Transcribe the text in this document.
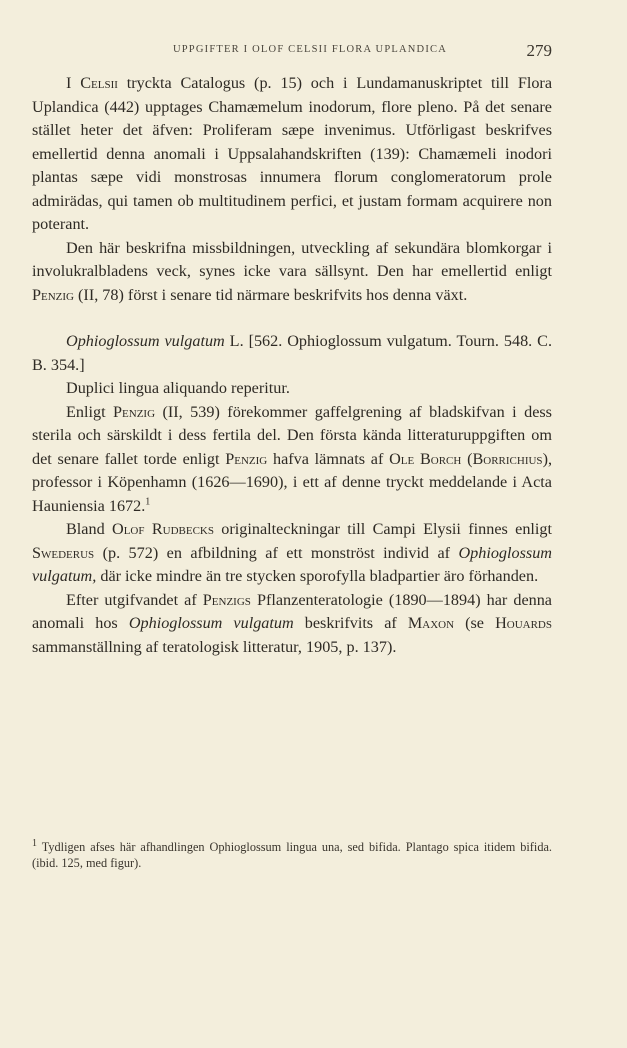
UPPGIFTER I OLOF CELSII FLORA UPLANDICA	279

I Celsii tryckta Catalogus (p. 15) och i Lundamanuskriptet till Flora Uplandica (442) upptages Chamæmelum inodorum, flore pleno. På det senare stället heter det äfven: Proliferam sæpe invenimus. Utförligast beskrifves emellertid denna anomali i Uppsalahandskriften (139): Chamæmeli inodori plantas sæpe vidi monstrosas innumera florum conglomeratorum prole admirädas, qui tamen ob multitudinem perfici, et justam formam acquirere non poterant.

Den här beskrifna missbildningen, utveckling af sekundära blomkorgar i involukralbladens veck, synes icke vara sällsynt. Den har emellertid enligt Penzig (II, 78) först i senare tid närmare beskrifvits hos denna växt.

Ophioglossum vulgatum L. [562. Ophioglossum vulgatum. Tourn. 548. C. B. 354.]

Duplici lingua aliquando reperitur.

Enligt Penzig (II, 539) förekommer gaffelgrening af bladskifvan i dess sterila och särskildt i dess fertila del. Den första kända litteraturuppgiften om det senare fallet torde enligt Penzig hafva lämnats af Ole Borch (Borrichius), professor i Köpenhamn (1626—1690), i ett af denne tryckt meddelande i Acta Hauniensia 1672.$^1$

Bland Olof Rudbecks originalteckningar till Campi Elysii finnes enligt Swederus (p. 572) en afbildning af ett monströst individ af Ophioglossum vulgatum, där icke mindre än tre stycken sporofylla bladpartier äro förhanden.

Efter utgifvandet af Penzigs Pflanzenteratologie (1890—1894) har denna anomali hos Ophioglossum vulgatum beskrifvits af Maxon (se Houards sammanställning af teratologisk litteratur, 1905, p. 137).

$^1$ Tydligen afses här afhandlingen Ophioglossum lingua una, sed bifida. Plantago spica itidem bifida. (ibid. 125, med figur).
